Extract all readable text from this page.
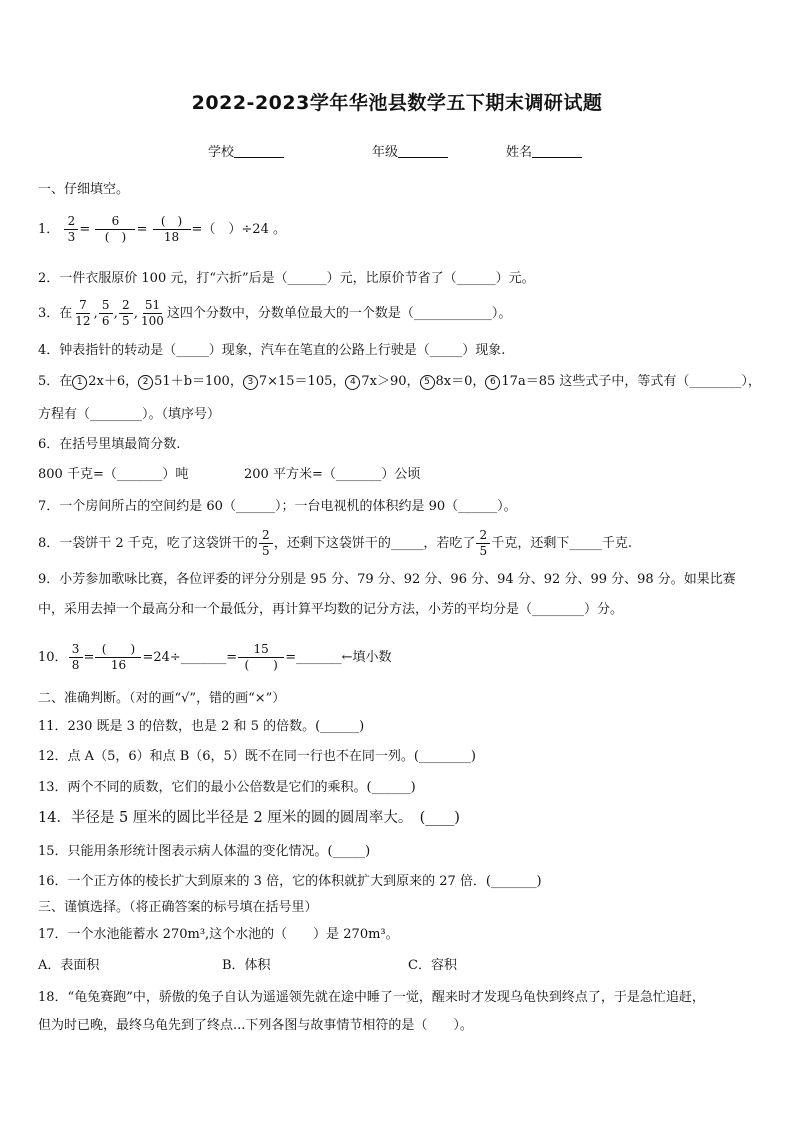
2022-2023学年华池县数学五下期末调研试题
学校	年级	姓名
一、仔细填空。
1． $\frac{2}{3} = \frac{6}{( )} = \frac{( )}{18}$ =（　）÷24 。
2．一件衣服原价 100 元，打“六折”后是（______）元，比原价节省了（______）元。
3．在 $\frac{7}{12}$ , $\frac{5}{6}$ , $\frac{2}{5}$ , $\frac{51}{100}$ 这四个分数中，分数单位最大的一个数是（____________）。
4．钟表指针的转动是（_____）现象，汽车在笔直的公路上行驶是（_____）现象.
5．在 1 2x＋6， 2 51＋b＝100， 3 7×15＝105， 4 7x＞90， 5 8x＝0， 6 17a＝85 这些式子中，等式有（________），
方程有（________）。（填序号）
6．在括号里填最简分数.
800 千克=（_______）吨	200 平方米=（_______）公顷
7．一个房间所占的空间约是 60（______）；一台电视机的体积约是 90（______）。
8．一袋饼干 2 千克，吃了这袋饼干的 $\frac{2}{5}$ ，还剩下这袋饼干的_____，若吃了 $\frac{2}{5}$ 千克，还剩下_____千克.
9．小芳参加歌咏比赛，各位评委的评分分别是 95 分、79 分、92 分、96 分、94 分、92 分、99 分、98 分。如果比赛
中，采用去掉一个最高分和一个最低分，再计算平均数的记分方法，小芳的平均分是（________）分。
10． $\frac{3}{8} = \frac{( )}{16}$ =24÷_______= $\frac{15}{( )}$ =_______←填小数
二、准确判断。（对的画“√”，错的画“×”）
11．230 既是 3 的倍数，也是 2 和 5 的倍数。(______)
12．点 A（5，6）和点 B（6，5）既不在同一行也不在同一列。(________)
13．两个不同的质数，它们的最小公倍数是它们的乘积。(______)
14．半径是 5 厘米的圆比半径是 2 厘米的圆的圆周率大。　(____)
15．只能用条形统计图表示病人体温的变化情况。(_____)
16．一个正方体的棱长扩大到原来的 3 倍，它的体积就扩大到原来的 27 倍．(_______)
三、谨慎选择。（将正确答案的标号填在括号里）
17．一个水池能蓄水 270m³,这个水池的（　　）是 270m³。
A．表面积	B．体积	C．容积
18．“龟兔赛跑”中，骄傲的兔子自认为遥遥领先就在途中睡了一觉，醒来时才发现乌龟快到终点了，于是急忙追赶，
但为时已晚，最终乌龟先到了终点...下列各图与故事情节相符的是（　　）。
